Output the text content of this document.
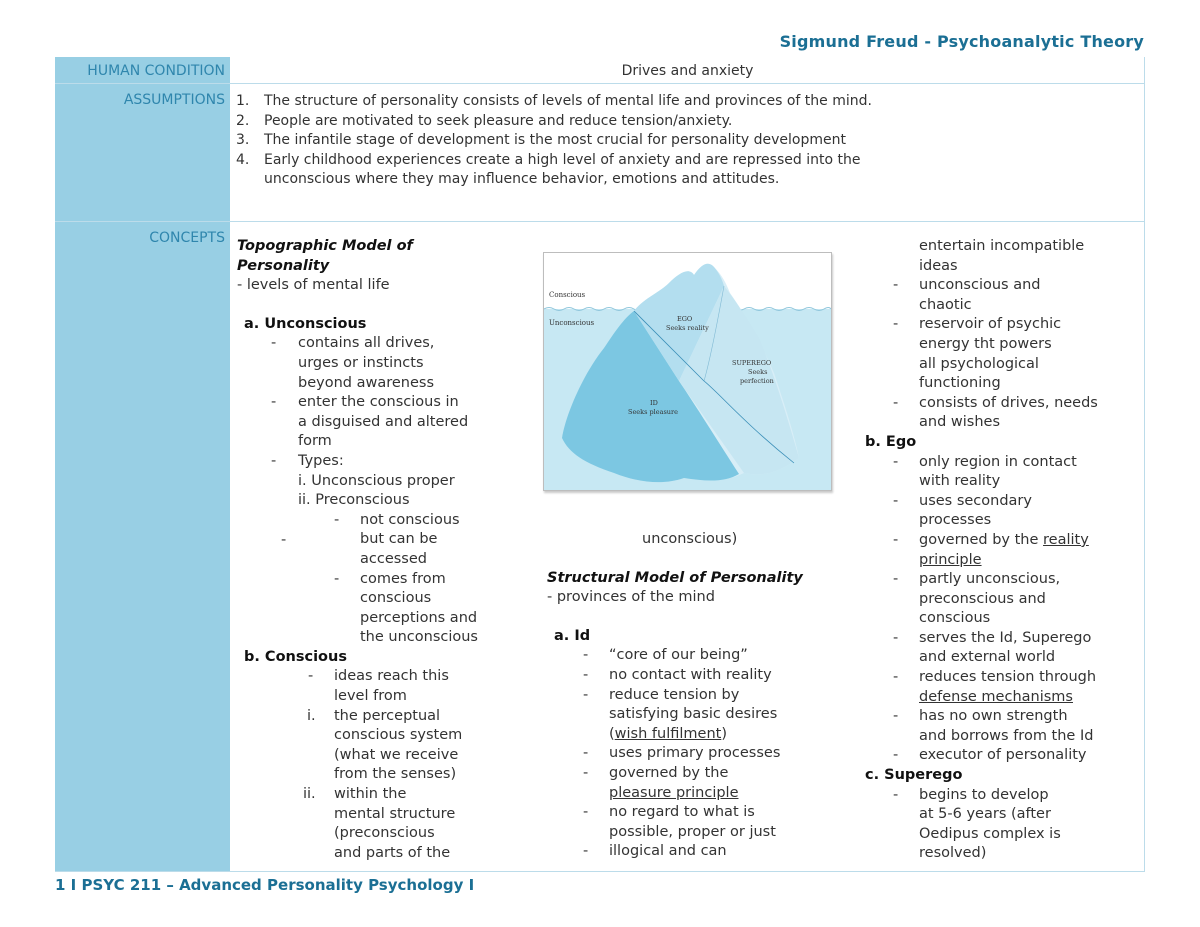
Sigmund Freud - Psychoanalytic Theory
HUMAN CONDITION	Drives and anxiety
ASSUMPTIONS 1. The structure of personality consists of levels of mental life and provinces of the mind.
2. People are motivated to seek pleasure and reduce tension/anxiety.
3. The infantile stage of development is the most crucial for personality development
4. Early childhood experiences create a high level of anxiety and are repressed into the
unconscious where they may influence behavior, emotions and attitudes.
CONCEPTS Topographic Model of
Personality
- levels of mental life
a. Unconscious
- contains all drives,
urges or instincts
beyond awareness
- enter the conscious in
a disguised and altered
form
- Types:
i. Unconscious proper
ii. Preconscious
-
-
not conscious
but can be
accessed
- comes from
conscious
perceptions and
the unconscious
b. Conscious
- ideas reach this
level from
i. the perceptual
conscious system
(what we receive
from the senses)
ii. within the
mental structure
(preconscious
and parts of the
Conscious
Unconscious	EGO
Seeks reality
SUPEREGO
Seeks
perfection
ID
Seeks pleasure
unconscious)
Structural Model of Personality
- provinces of the mind
a. Id
- “core of our being”
- no contact with reality
- reduce tension by
satisfying basic desires
(wish fulfilment)
- uses primary processes
- governed by the
pleasure principle
- no regard to what is
possible, proper or just
- illogical and can
entertain incompatible
ideas
- unconscious and
chaotic
- reservoir of psychic
energy tht powers
all psychological
functioning
- consists of drives, needs
and wishes
b. Ego
- only region in contact
with reality
- uses secondary
processes
- governed by the reality
principle
- partly unconscious,
preconscious and
conscious
- serves the Id, Superego
and external world
- reduces tension through
defense mechanisms
- has no own strength
and borrows from the Id
- executor of personality
c. Superego
- begins to develop
at 5-6 years (after
Oedipus complex is
resolved)
1 I PSYC 211 – Advanced Personality Psychology I
